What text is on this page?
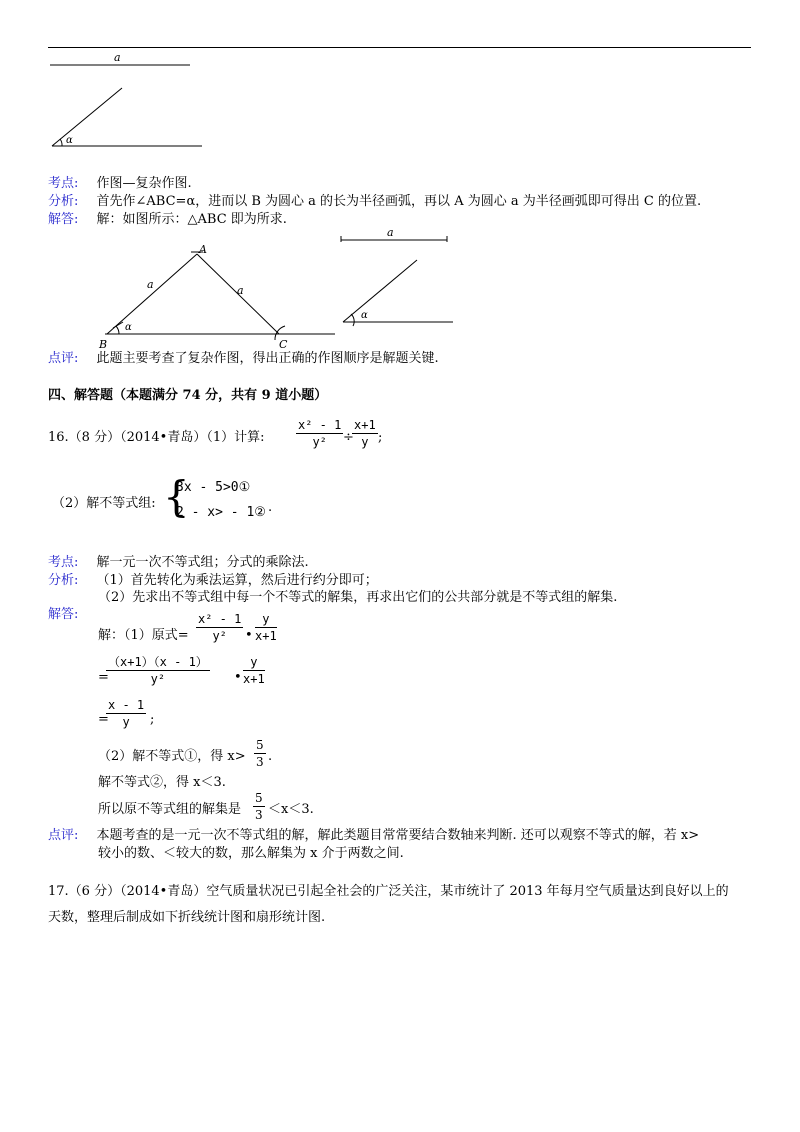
a
α
考点: 作图—复杂作图.
分析: 首先作∠ABC=α，进而以 B 为圆心 a 的长为半径画弧，再以 A 为圆心 a 为半径画弧即可得出 C 的位置.
解答: 解：如图所示：△ABC 即为所求.
A
B	C
a	a
α
a
α
点评: 此题主要考查了复杂作图，得出正确的作图顺序是解题关键.
四、解答题（本题满分 74 分，共有 9 道小题）
16.（8 分）（2014•青岛）（1）计算:
x² - 1
y²	÷
x+1
y ;
（2）解不等式组: {
3x - 5>0①
2 - x> - 1② .
考点: 解一元一次不等式组；分式的乘除法.
分析: （1）首先转化为乘法运算，然后进行约分即可；
（2）先求出不等式组中每一个不等式的解集，再求出它们的公共部分就是不等式组的解集.
解答:
解：（1）原式=
x² - 1
y²	•
y
x+1
=
（x+1）（x - 1）
y²	•
y
x+1
=
x - 1
y	;
（2）解不等式①，得 x>
5
3 .
解不等式②，得 x＜3.
所以原不等式组的解集是
5
3 ＜x＜3.
点评: 本题考查的是一元一次不等式组的解，解此类题目常常要结合数轴来判断. 还可以观察不等式的解，若 x>
较小的数、＜较大的数，那么解集为 x 介于两数之间.
17.（6 分）（2014•青岛）空气质量状况已引起全社会的广泛关注，某市统计了 2013 年每月空气质量达到良好以上的
天数，整理后制成如下折线统计图和扇形统计图.
